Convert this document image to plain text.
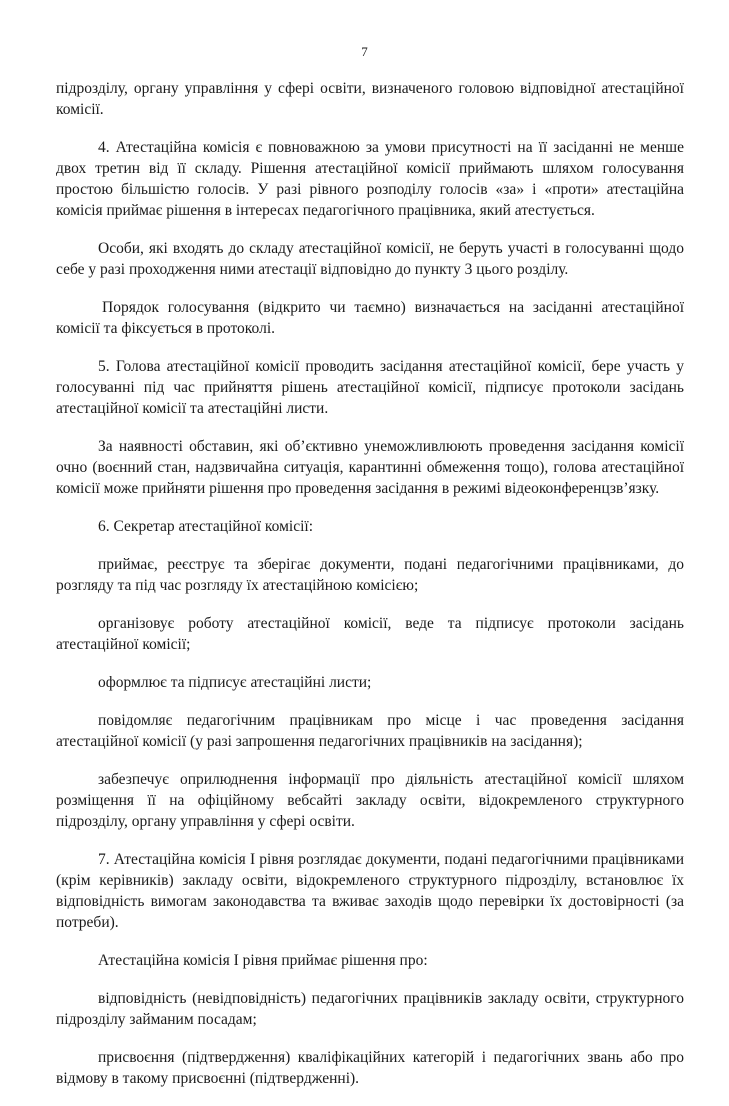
7

підрозділу, органу управління у сфері освіти, визначеного головою відповідної атестаційної комісії.

4. Атестаційна комісія є повноважною за умови присутності на її засіданні не менше двох третин від її складу. Рішення атестаційної комісії приймають шляхом голосування простою більшістю голосів. У разі рівного розподілу голосів «за» і «проти» атестаційна комісія приймає рішення в інтересах педагогічного працівника, який атестується.

Особи, які входять до складу атестаційної комісії, не беруть участі в голосуванні щодо себе у разі проходження ними атестації відповідно до пункту 3 цього розділу.

Порядок голосування (відкрито чи таємно) визначається на засіданні атестаційної комісії та фіксується в протоколі.

5. Голова атестаційної комісії проводить засідання атестаційної комісії, бере участь у голосуванні під час прийняття рішень атестаційної комісії, підписує протоколи засідань атестаційної комісії та атестаційні листи.

За наявності обставин, які об’єктивно унеможливлюють проведення засідання комісії очно (воєнний стан, надзвичайна ситуація, карантинні обмеження тощо), голова атестаційної комісії може прийняти рішення про проведення засідання в режимі відеоконференцзв’язку.

6. Секретар атестаційної комісії:

приймає, реєструє та зберігає документи, подані педагогічними працівниками, до розгляду та під час розгляду їх атестаційною комісією;

організовує роботу атестаційної комісії, веде та підписує протоколи засідань атестаційної комісії;

оформлює та підписує атестаційні листи;

повідомляє педагогічним працівникам про місце і час проведення засідання атестаційної комісії (у разі запрошення педагогічних працівників на засідання);

забезпечує оприлюднення інформації про діяльність атестаційної комісії шляхом розміщення її на офіційному вебсайті закладу освіти, відокремленого структурного підрозділу, органу управління у сфері освіти.

7. Атестаційна комісія І рівня розглядає документи, подані педагогічними працівниками (крім керівників) закладу освіти, відокремленого структурного підрозділу, встановлює їх відповідність вимогам законодавства та вживає заходів щодо перевірки їх достовірності (за потреби).

Атестаційна комісія І рівня приймає рішення про:

відповідність (невідповідність) педагогічних працівників закладу освіти, структурного підрозділу займаним посадам;

присвоєння (підтвердження) кваліфікаційних категорій і педагогічних звань або про відмову в такому присвоєнні (підтвердженні).
